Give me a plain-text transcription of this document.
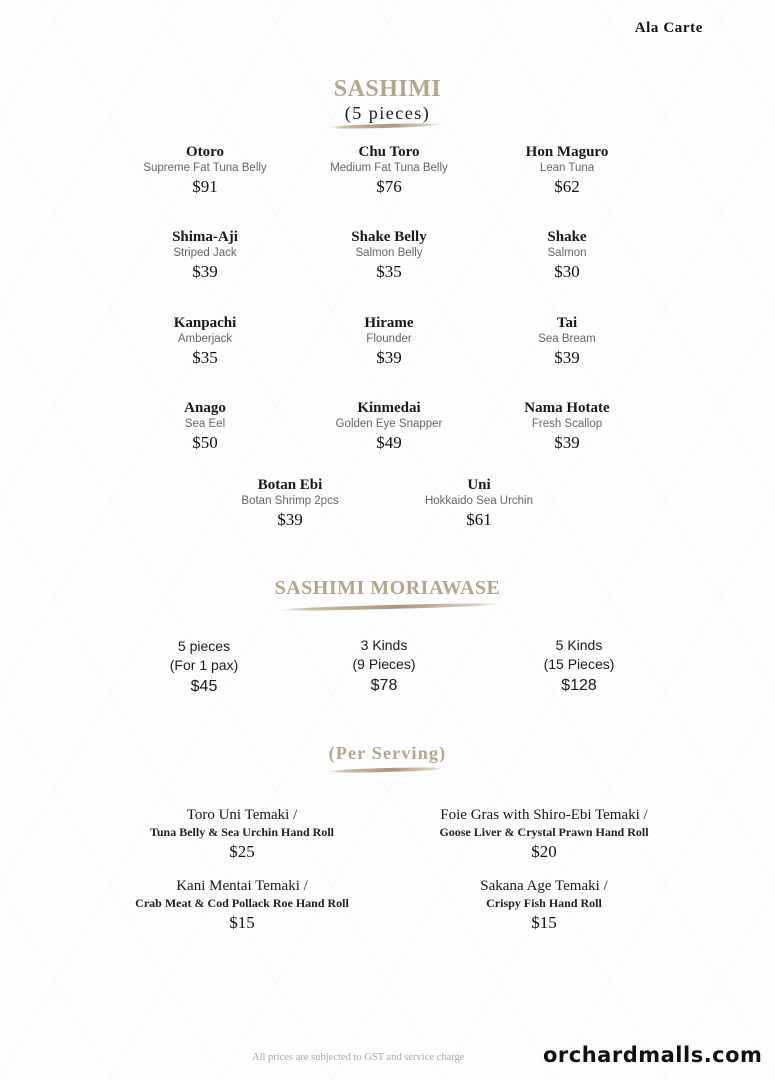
Ala Carte
SASHIMI
(5 pieces)
Otoro
Supreme Fat Tuna Belly
$91
Chu Toro
Medium Fat Tuna Belly
$76
Hon Maguro
Lean Tuna
$62
Shima-Aji
Striped Jack
$39
Shake Belly
Salmon Belly
$35
Shake
Salmon
$30
Kanpachi
Amberjack
$35
Hirame
Flounder
$39
Tai
Sea Bream
$39
Anago
Sea Eel
$50
Kinmedai
Golden Eye Snapper
$49
Nama Hotate
Fresh Scallop
$39
Botan Ebi
Botan Shrimp 2pcs
$39
Uni
Hokkaido Sea Urchin
$61
SASHIMI MORIAWASE
5 pieces
(For 1 pax)
$45
3 Kinds
(9 Pieces)
$78
5 Kinds
(15 Pieces)
$128
(Per Serving)
Toro Uni Temaki /
Tuna Belly & Sea Urchin Hand Roll
$25
Foie Gras with Shiro-Ebi Temaki /
Goose Liver & Crystal Prawn Hand Roll
$20
Kani Mentai Temaki /
Crab Meat & Cod Pollack Roe Hand Roll
$15
Sakana Age Temaki /
Crispy Fish Hand Roll
$15
All prices are subjected to GST and service charge	orchardmalls.com
